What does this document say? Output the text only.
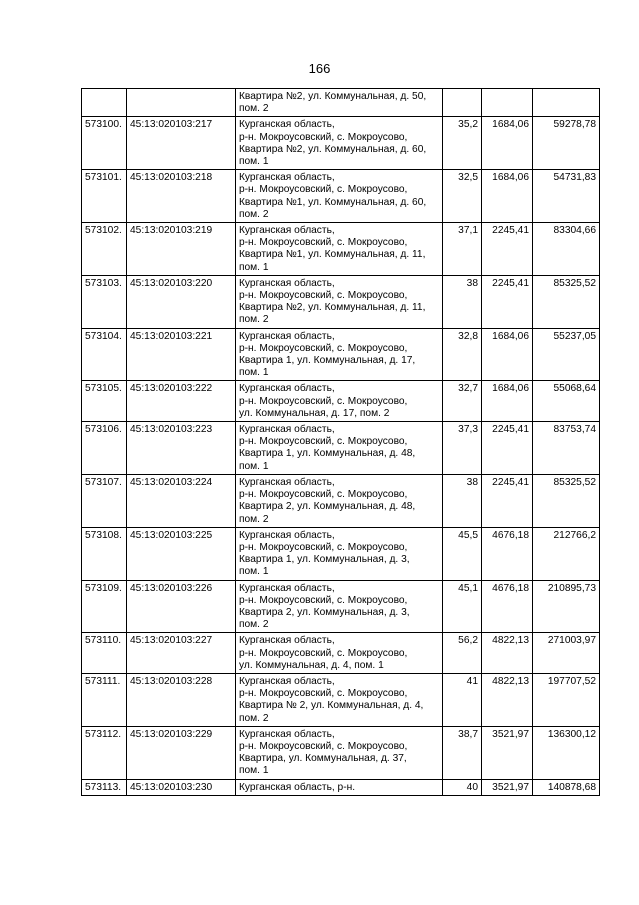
166
		Квартира №2, ул. Коммунальная, д. 50,
пом. 2			
573100.	45:13:020103:217	Курганская область,
р-н. Мокроусовский, с. Мокроусово,
Квартира №2, ул. Коммунальная, д. 60,
пом. 1	35,2	1684,06	59278,78
573101.	45:13:020103:218	Курганская область,
р-н. Мокроусовский, с. Мокроусово,
Квартира №1, ул. Коммунальная, д. 60,
пом. 2	32,5	1684,06	54731,83
573102.	45:13:020103:219	Курганская область,
р-н. Мокроусовский, с. Мокроусово,
Квартира №1, ул. Коммунальная, д. 11,
пом. 1	37,1	2245,41	83304,66
573103.	45:13:020103:220	Курганская область,
р-н. Мокроусовский, с. Мокроусово,
Квартира №2, ул. Коммунальная, д. 11,
пом. 2	38	2245,41	85325,52
573104.	45:13:020103:221	Курганская область,
р-н. Мокроусовский, с. Мокроусово,
Квартира 1, ул. Коммунальная, д. 17,
пом. 1	32,8	1684,06	55237,05
573105.	45:13:020103:222	Курганская область,
р-н. Мокроусовский, с. Мокроусово,
ул. Коммунальная, д. 17, пом. 2	32,7	1684,06	55068,64
573106.	45:13:020103:223	Курганская область,
р-н. Мокроусовский, с. Мокроусово,
Квартира 1, ул. Коммунальная, д. 48,
пом. 1	37,3	2245,41	83753,74
573107.	45:13:020103:224	Курганская область,
р-н. Мокроусовский, с. Мокроусово,
Квартира 2, ул. Коммунальная, д. 48,
пом. 2	38	2245,41	85325,52
573108.	45:13:020103:225	Курганская область,
р-н. Мокроусовский, с. Мокроусово,
Квартира 1, ул. Коммунальная, д. 3,
пом. 1	45,5	4676,18	212766,2
573109.	45:13:020103:226	Курганская область,
р-н. Мокроусовский, с. Мокроусово,
Квартира 2, ул. Коммунальная, д. 3,
пом. 2	45,1	4676,18	210895,73
573110.	45:13:020103:227	Курганская область,
р-н. Мокроусовский, с. Мокроусово,
ул. Коммунальная, д. 4, пом. 1	56,2	4822,13	271003,97
573111.	45:13:020103:228	Курганская область,
р-н. Мокроусовский, с. Мокроусово,
Квартира № 2, ул. Коммунальная, д. 4,
пом. 2	41	4822,13	197707,52
573112.	45:13:020103:229	Курганская область,
р-н. Мокроусовский, с. Мокроусово,
Квартира, ул. Коммунальная, д. 37,
пом. 1	38,7	3521,97	136300,12
573113.	45:13:020103:230	Курганская область, р-н.	40	3521,97	140878,68
